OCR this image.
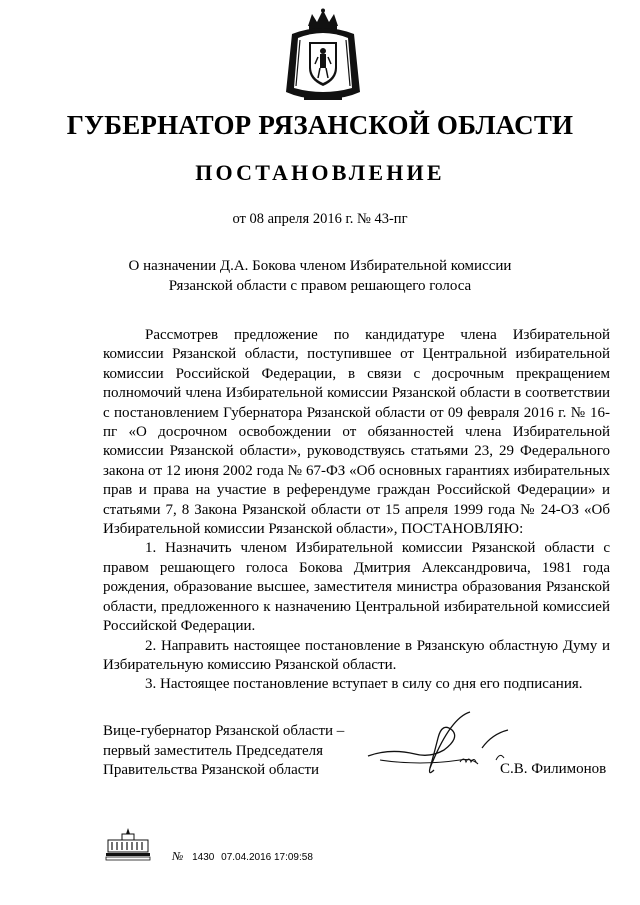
ГУБЕРНАТОР РЯЗАНСКОЙ ОБЛАСТИ
ПОСТАНОВЛЕНИЕ
от 08 апреля 2016 г. № 43-пг
О назначении Д.А. Бокова членом Избирательной комиссии
Рязанской области с правом решающего голоса

Рассмотрев предложение по кандидатуре члена Избирательной комиссии Рязанской области, поступившее от Центральной избирательной комиссии Российской Федерации, в связи с досрочным прекращением полномочий члена Избирательной комиссии Рязанской области в соответствии с постановлением Губернатора Рязанской области от 09 февраля 2016 г. № 16-пг «О досрочном освобождении от обязанностей члена Избирательной комиссии Рязанской области», руководствуясь статьями 23, 29 Федерального закона от 12 июня 2002 года № 67-ФЗ «Об основных гарантиях избирательных прав и права на участие в референдуме граждан Российской Федерации» и статьями 7, 8 Закона Рязанской области от 15 апреля 1999 года № 24-ОЗ «Об Избирательной комиссии Рязанской области», ПОСТАНОВЛЯЮ:

1. Назначить членом Избирательной комиссии Рязанской области с правом решающего голоса Бокова Дмитрия Александровича, 1981 года рождения, образование высшее, заместителя министра образования Рязанской области, предложенного к назначению Центральной избирательной комиссией Российской Федерации.

2. Направить настоящее постановление в Рязанскую областную Думу и Избирательную комиссию Рязанской области.

3. Настоящее постановление вступает в силу со дня его подписания.

Вице-губернатор Рязанской области –
первый заместитель Председателя
Правительства Рязанской области	С.В. Филимонов
№ 1430 07.04.2016 17:09:58
